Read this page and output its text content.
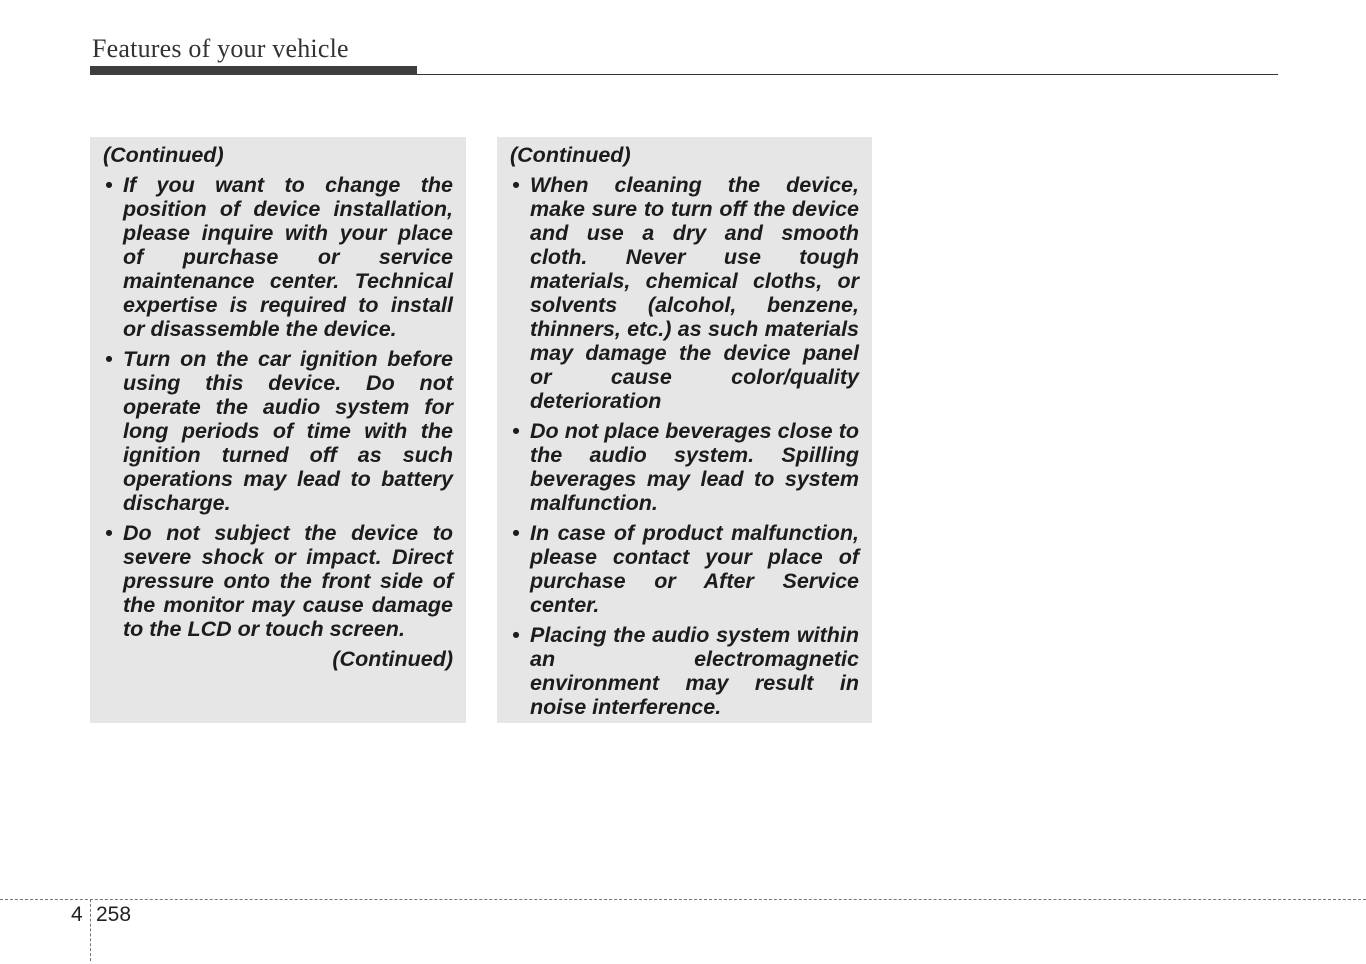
Features of your vehicle
(Continued)
• If you want to change the position of device installation, please inquire with your place of purchase or service maintenance center. Technical expertise is required to install or disassemble the device.
• Turn on the car ignition before using this device. Do not operate the audio system for long periods of time with the ignition turned off as such operations may lead to battery discharge.
• Do not subject the device to severe shock or impact. Direct pressure onto the front side of the monitor may cause damage to the LCD or touch screen.
(Continued)
(Continued)
• When cleaning the device, make sure to turn off the device and use a dry and smooth cloth. Never use tough materials, chemical cloths, or solvents (alcohol, benzene, thinners, etc.) as such materials may damage the device panel or cause color/quality deterioration
• Do not place beverages close to the audio system. Spilling beverages may lead to system malfunction.
• In case of product malfunction, please contact your place of purchase or After Service center.
• Placing the audio system within an electromagnetic environment may result in noise interference.
4 258
